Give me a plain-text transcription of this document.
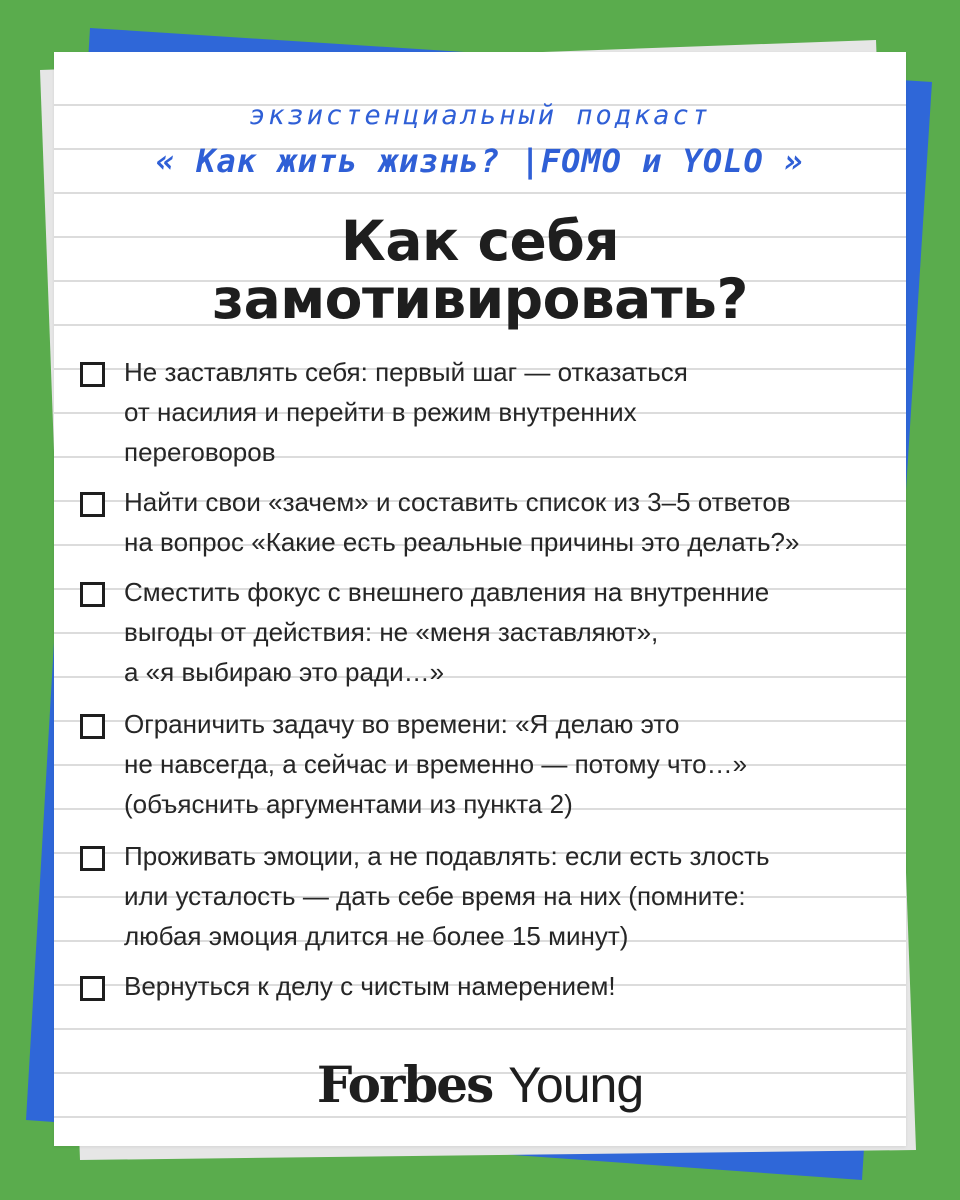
экзистенциальный подкаст
« Как жить жизнь? |FOMO и YOLO »
Как себя
замотивировать?
Не заставлять себя: первый шаг — отказаться
от насилия и перейти в режим внутренних
переговоров
Найти свои «зачем» и составить список из 3–5 ответов
на вопрос «Какие есть реальные причины это делать?»
Сместить фокус с внешнего давления на внутренние
выгоды от действия: не «меня заставляют»,
а «я выбираю это ради…»
Ограничить задачу во времени: «Я делаю это
не навсегда, а сейчас и временно — потому что…»
(объяснить аргументами из пункта 2)
Проживать эмоции, а не подавлять: если есть злость
или усталость — дать себе время на них (помните:
любая эмоция длится не более 15 минут)
Вернуться к делу с чистым намерением!
Forbes Young
